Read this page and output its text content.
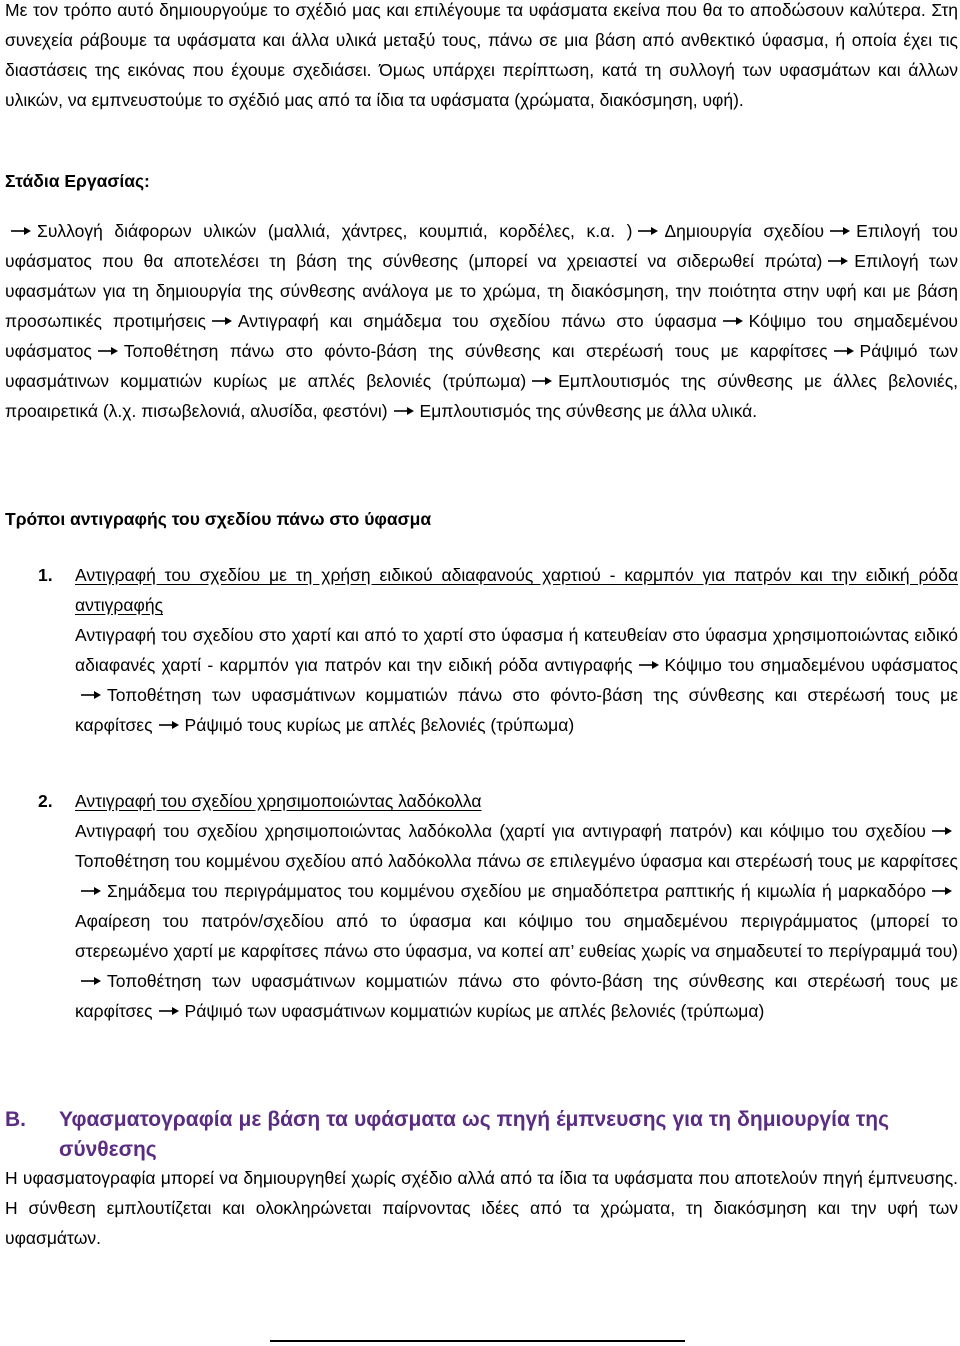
Με τον τρόπο αυτό δημιουργούμε το σχέδιό μας και επιλέγουμε τα υφάσματα εκείνα που θα το αποδώσουν καλύτερα. Στη συνεχεία ράβουμε τα υφάσματα και άλλα υλικά μεταξύ τους, πάνω σε μια βάση από ανθεκτικό ύφασμα, ή οποία έχει τις διαστάσεις της εικόνας που έχουμε σχεδιάσει. Όμως υπάρχει περίπτωση, κατά τη συλλογή των υφασμάτων και άλλων υλικών, να εμπνευστούμε το σχέδιό μας από τα ίδια τα υφάσματα (χρώματα, διακόσμηση, υφή).

Στάδια Εργασίας:

Συλλογή διάφορων υλικών (μαλλιά, χάντρες, κουμπιά, κορδέλες, κ.α. ) Δημιουργία σχεδίου Επιλογή του υφάσματος που θα αποτελέσει τη βάση της σύνθεσης (μπορεί να χρειαστεί να σιδερωθεί πρώτα) Επιλογή των υφασμάτων για τη δημιουργία της σύνθεσης ανάλογα με το χρώμα, τη διακόσμηση, την ποιότητα στην υφή και με βάση προσωπικές προτιμήσεις Αντιγραφή και σημάδεμα του σχεδίου πάνω στο ύφασμα Κόψιμο του σημαδεμένου υφάσματος Τοποθέτηση πάνω στο φόντο-βάση της σύνθεσης και στερέωσή τους με καρφίτσες Ράψιμό των υφασμάτινων κομματιών κυρίως με απλές βελονιές (τρύπωμα) Εμπλουτισμός της σύνθεσης με άλλες βελονιές, προαιρετικά (λ.χ. πισωβελονιά, αλυσίδα, φεστόνι) Εμπλουτισμός της σύνθεσης με άλλα υλικά.

Τρόποι αντιγραφής του σχεδίου πάνω στο ύφασμα

1. Αντιγραφή του σχεδίου με τη χρήση ειδικού αδιαφανούς χαρτιού - καρμπόν για πατρόν και την ειδική ρόδα αντιγραφής
Αντιγραφή του σχεδίου στο χαρτί και από το χαρτί στο ύφασμα ή κατευθείαν στο ύφασμα χρησιμοποιώντας ειδικό αδιαφανές χαρτί - καρμπόν για πατρόν και την ειδική ρόδα αντιγραφής Κόψιμο του σημαδεμένου υφάσματος
Τοποθέτηση των υφασμάτινων κομματιών πάνω στο φόντο-βάση της σύνθεσης και στερέωσή τους με καρφίτσες Ράψιμό τους κυρίως με απλές βελονιές (τρύπωμα)

2. Αντιγραφή του σχεδίου χρησιμοποιώντας λαδόκολλα
Αντιγραφή του σχεδίου χρησιμοποιώντας λαδόκολλα (χαρτί για αντιγραφή πατρόν) και κόψιμο του σχεδίου
Τοποθέτηση του κομμένου σχεδίου από λαδόκολλα πάνω σε επιλεγμένο ύφασμα και στερέωσή τους με καρφίτσες
Σημάδεμα του περιγράμματος του κομμένου σχεδίου με σημαδόπετρα ραπτικής ή κιμωλία ή μαρκαδόρο
Αφαίρεση του πατρόν/σχεδίου από το ύφασμα και κόψιμο του σημαδεμένου περιγράμματος (μπορεί το στερεωμένο χαρτί με καρφίτσες πάνω στο ύφασμα, να κοπεί απ’ ευθείας χωρίς να σημαδευτεί το περίγραμμά του)
Τοποθέτηση των υφασμάτινων κομματιών πάνω στο φόντο-βάση της σύνθεσης και στερέωσή τους με καρφίτσες Ράψιμό των υφασμάτινων κομματιών κυρίως με απλές βελονιές (τρύπωμα)

B. Υφασματογραφία με βάση τα υφάσματα ως πηγή έμπνευσης για τη δημιουργία της σύνθεσης

Η υφασματογραφία μπορεί να δημιουργηθεί χωρίς σχέδιο αλλά από τα ίδια τα υφάσματα που αποτελούν πηγή έμπνευσης. Η σύνθεση εμπλουτίζεται και ολοκληρώνεται παίρνοντας ιδέες από τα χρώματα, τη διακόσμηση και την υφή των υφασμάτων.
